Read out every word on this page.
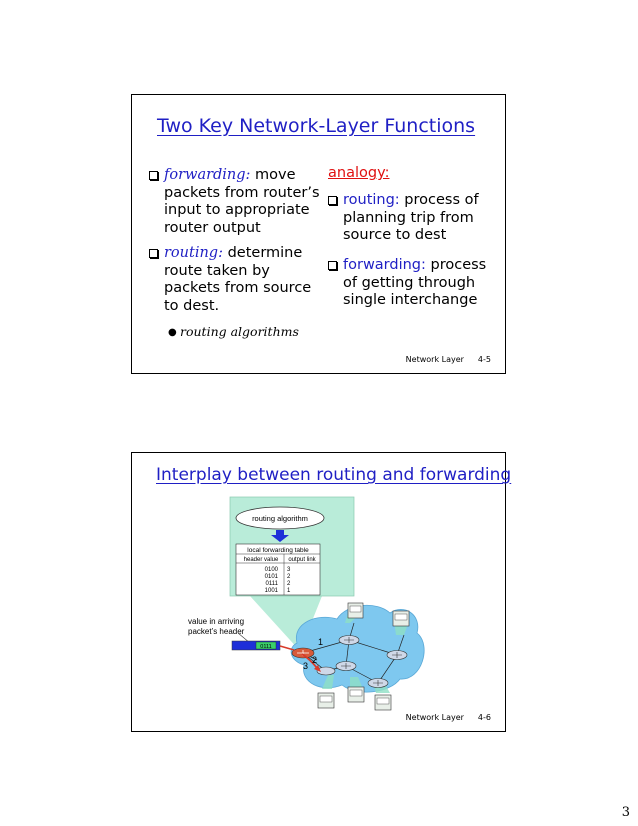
Two Key Network-Layer Functions
forwarding: move
packets from router’s
input to appropriate
router output
routing: determine
route taken by
packets from source
to dest.
● routing algorithms
analogy:
routing: process of
planning trip from
source to dest
forwarding: process
of getting through
single interchange
Network Layer 4-5
Interplay between routing and forwarding
routing algorithm
local forwarding table
header value output link
0100
0101
0111
1001
3
2
2
1
1
2
3
value in arriving
packet’s header
0111
Network Layer 4-6
3
